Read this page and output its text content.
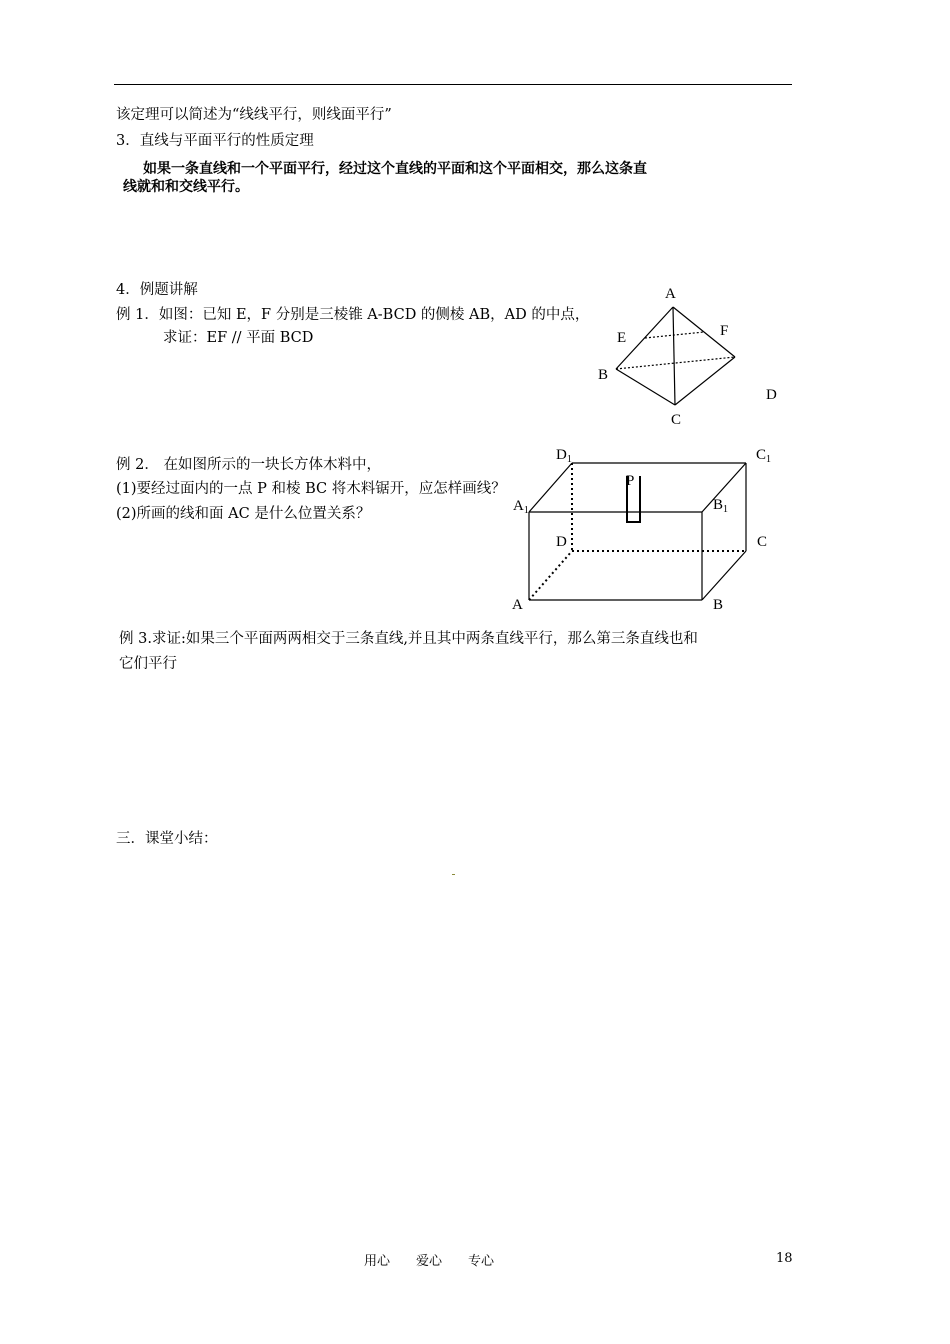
该定理可以简述为“线线平行，则线面平行”
3．直线与平面平行的性质定理
如果一条直线和一个平面平行，经过这个直线的平面和这个平面相交，那么这条直
线就和和交线平行。
4．例题讲解
例 1．如图：已知 E，F 分别是三棱锥 A-BCD 的侧棱 AB，AD 的中点，
求证：EF // 平面 BCD
例 2． 在如图所示的一块长方体木料中，
(1)要经过面内的一点 P 和棱 BC 将木料锯开，应怎样画线？
(2)所画的线和面 AC 是什么位置关系？
例 3.求证:如果三个平面两两相交于三条直线,并且其中两条直线平行，那么第三条直线也和
它们平行
三．课堂小结：
A
E	F
B
D
C
$D_1$	$C_1$
P
$A_1$	$B_1$
D	C
A	B
用心　　爱心　　专心	18
